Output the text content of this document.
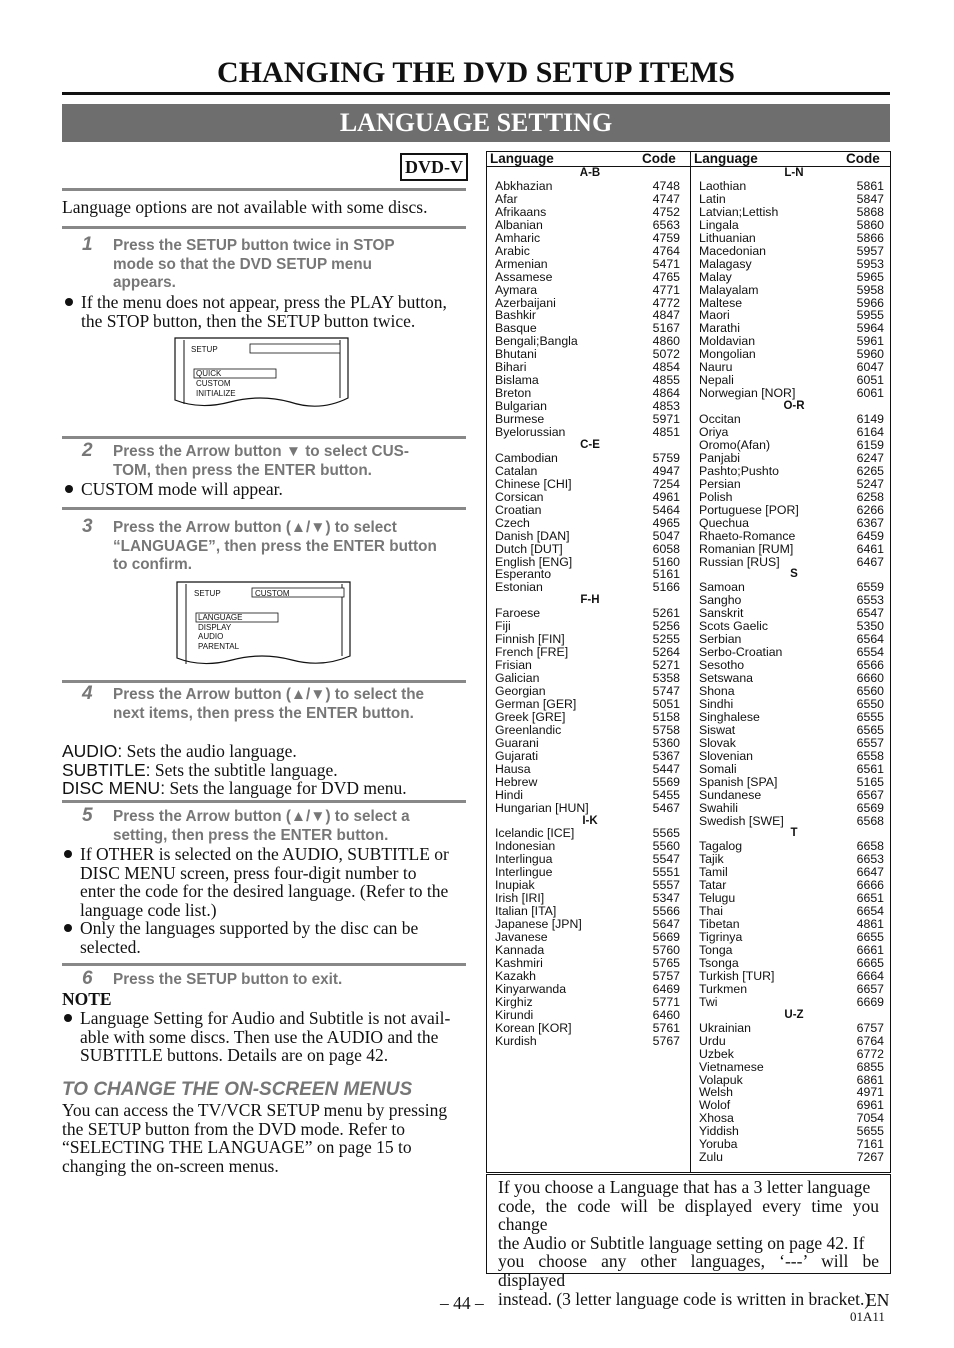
CHANGING THE DVD SETUP ITEMS
LANGUAGE SETTING
DVD-V
Language options are not available with some discs.
1 Press the SETUP button twice in STOP
mode so that the DVD SETUP menu
appears.
If the menu does not appear, press the PLAY button,
the STOP button, then the SETUP button twice.
SETUP
QUICK
CUSTOM
INITIALIZE
2 Press the Arrow button ▼ to select CUS-
TOM, then press the ENTER button.
CUSTOM mode will appear.
3 Press the Arrow button (▲/▼) to select
“LANGUAGE”, then press the ENTER button
to confirm.
SETUP	CUSTOM
LANGUAGE
DISPLAY
AUDIO
PARENTAL
4 Press the Arrow button (▲/▼) to select the
next items, then press the ENTER button.
AUDIO: Sets the audio language.
SUBTITLE: Sets the subtitle language.
DISC MENU: Sets the language for DVD menu.
5 Press the Arrow button (▲/▼) to select a
setting, then press the ENTER button.
If OTHER is selected on the AUDIO, SUBTITLE or
DISC MENU screen, press four-digit number to
enter the code for the desired language. (Refer to the
language code list.)
Only the languages supported by the disc can be
selected.
6 Press the SETUP button to exit.
NOTE
Language Setting for Audio and Subtitle is not avail-
able with some discs. Then use the AUDIO and the
SUBTITLE buttons. Details are on page 42.
TO CHANGE THE ON-SCREEN MENUS
You can access the TV/VCR SETUP menu by pressing
the SETUP button from the DVD mode. Refer to
“SELECTING THE LANGUAGE” on page 15 to
changing the on-screen menus.
Language	Code Language	Code
A-B
Abkhazian	4748
Afar	4747
Afrikaans	4752
Albanian	6563
Amharic	4759
Arabic	4764
Armenian	5471
Assamese	4765
Aymara	4771
Azerbaijani	4772
Bashkir	4847
Basque	5167
Bengali;Bangla	4860
Bhutani	5072
Bihari	4854
Bislama	4855
Breton	4864
Bulgarian	4853
Burmese	5971
Byelorussian	4851
C-E
Cambodian	5759
Catalan	4947
Chinese [CHI]	7254
Corsican	4961
Croatian	5464
Czech	4965
Danish [DAN]	5047
Dutch [DUT]	6058
English [ENG]	5160
Esperanto	5161
Estonian	5166
F-H
Faroese	5261
Fiji	5256
Finnish [FIN]	5255
French [FRE]	5264
Frisian	5271
Galician	5358
Georgian	5747
German [GER]	5051
Greek [GRE]	5158
Greenlandic	5758
Guarani	5360
Gujarati	5367
Hausa	5447
Hebrew	5569
Hindi	5455
Hungarian [HUN]	5467
I-K
Icelandic [ICE]	5565
Indonesian	5560
Interlingua	5547
Interlingue	5551
Inupiak	5557
Irish [IRI]	5347
Italian [ITA]	5566
Japanese [JPN]	5647
Javanese	5669
Kannada	5760
Kashmiri	5765
Kazakh	5757
Kinyarwanda	6469
Kirghiz	5771
Kirundi	6460
Korean [KOR]	5761
Kurdish	5767
L-N
Laothian	5861
Latin	5847
Latvian;Lettish	5868
Lingala	5860
Lithuanian	5866
Macedonian	5957
Malagasy	5953
Malay	5965
Malayalam	5958
Maltese	5966
Maori	5955
Marathi	5964
Moldavian	5961
Mongolian	5960
Nauru	6047
Nepali	6051
Norwegian [NOR]	6061
O-R
Occitan	6149
Oriya	6164
Oromo(Afan)	6159
Panjabi	6247
Pashto;Pushto	6265
Persian	5247
Polish	6258
Portuguese [POR]	6266
Quechua	6367
Rhaeto-Romance	6459
Romanian [RUM]	6461
Russian [RUS]	6467
S
Samoan	6559
Sangho	6553
Sanskrit	6547
Scots Gaelic	5350
Serbian	6564
Serbo-Croatian	6554
Sesotho	6566
Setswana	6660
Shona	6560
Sindhi	6550
Singhalese	6555
Siswat	6565
Slovak	6557
Slovenian	6558
Somali	6561
Spanish [SPA]	5165
Sundanese	6567
Swahili	6569
Swedish [SWE]	6568
T
Tagalog	6658
Tajik	6653
Tamil	6647
Tatar	6666
Telugu	6651
Thai	6654
Tibetan	4861
Tigrinya	6655
Tonga	6661
Tsonga	6665
Turkish [TUR]	6664
Turkmen	6657
Twi	6669
U-Z
Ukrainian	6757
Urdu	6764
Uzbek	6772
Vietnamese	6855
Volapuk	6861
Welsh	4971
Wolof	6961
Xhosa	7054
Yiddish	5655
Yoruba	7161
Zulu	7267
If you choose a Language that has a 3 letter language
code, the code will be displayed every time you change
the Audio or Subtitle language setting on page 42. If
you choose any other languages, ‘---’ will be displayed
instead. (3 letter language code is written in bracket.)
– 44 –	EN
01A11
